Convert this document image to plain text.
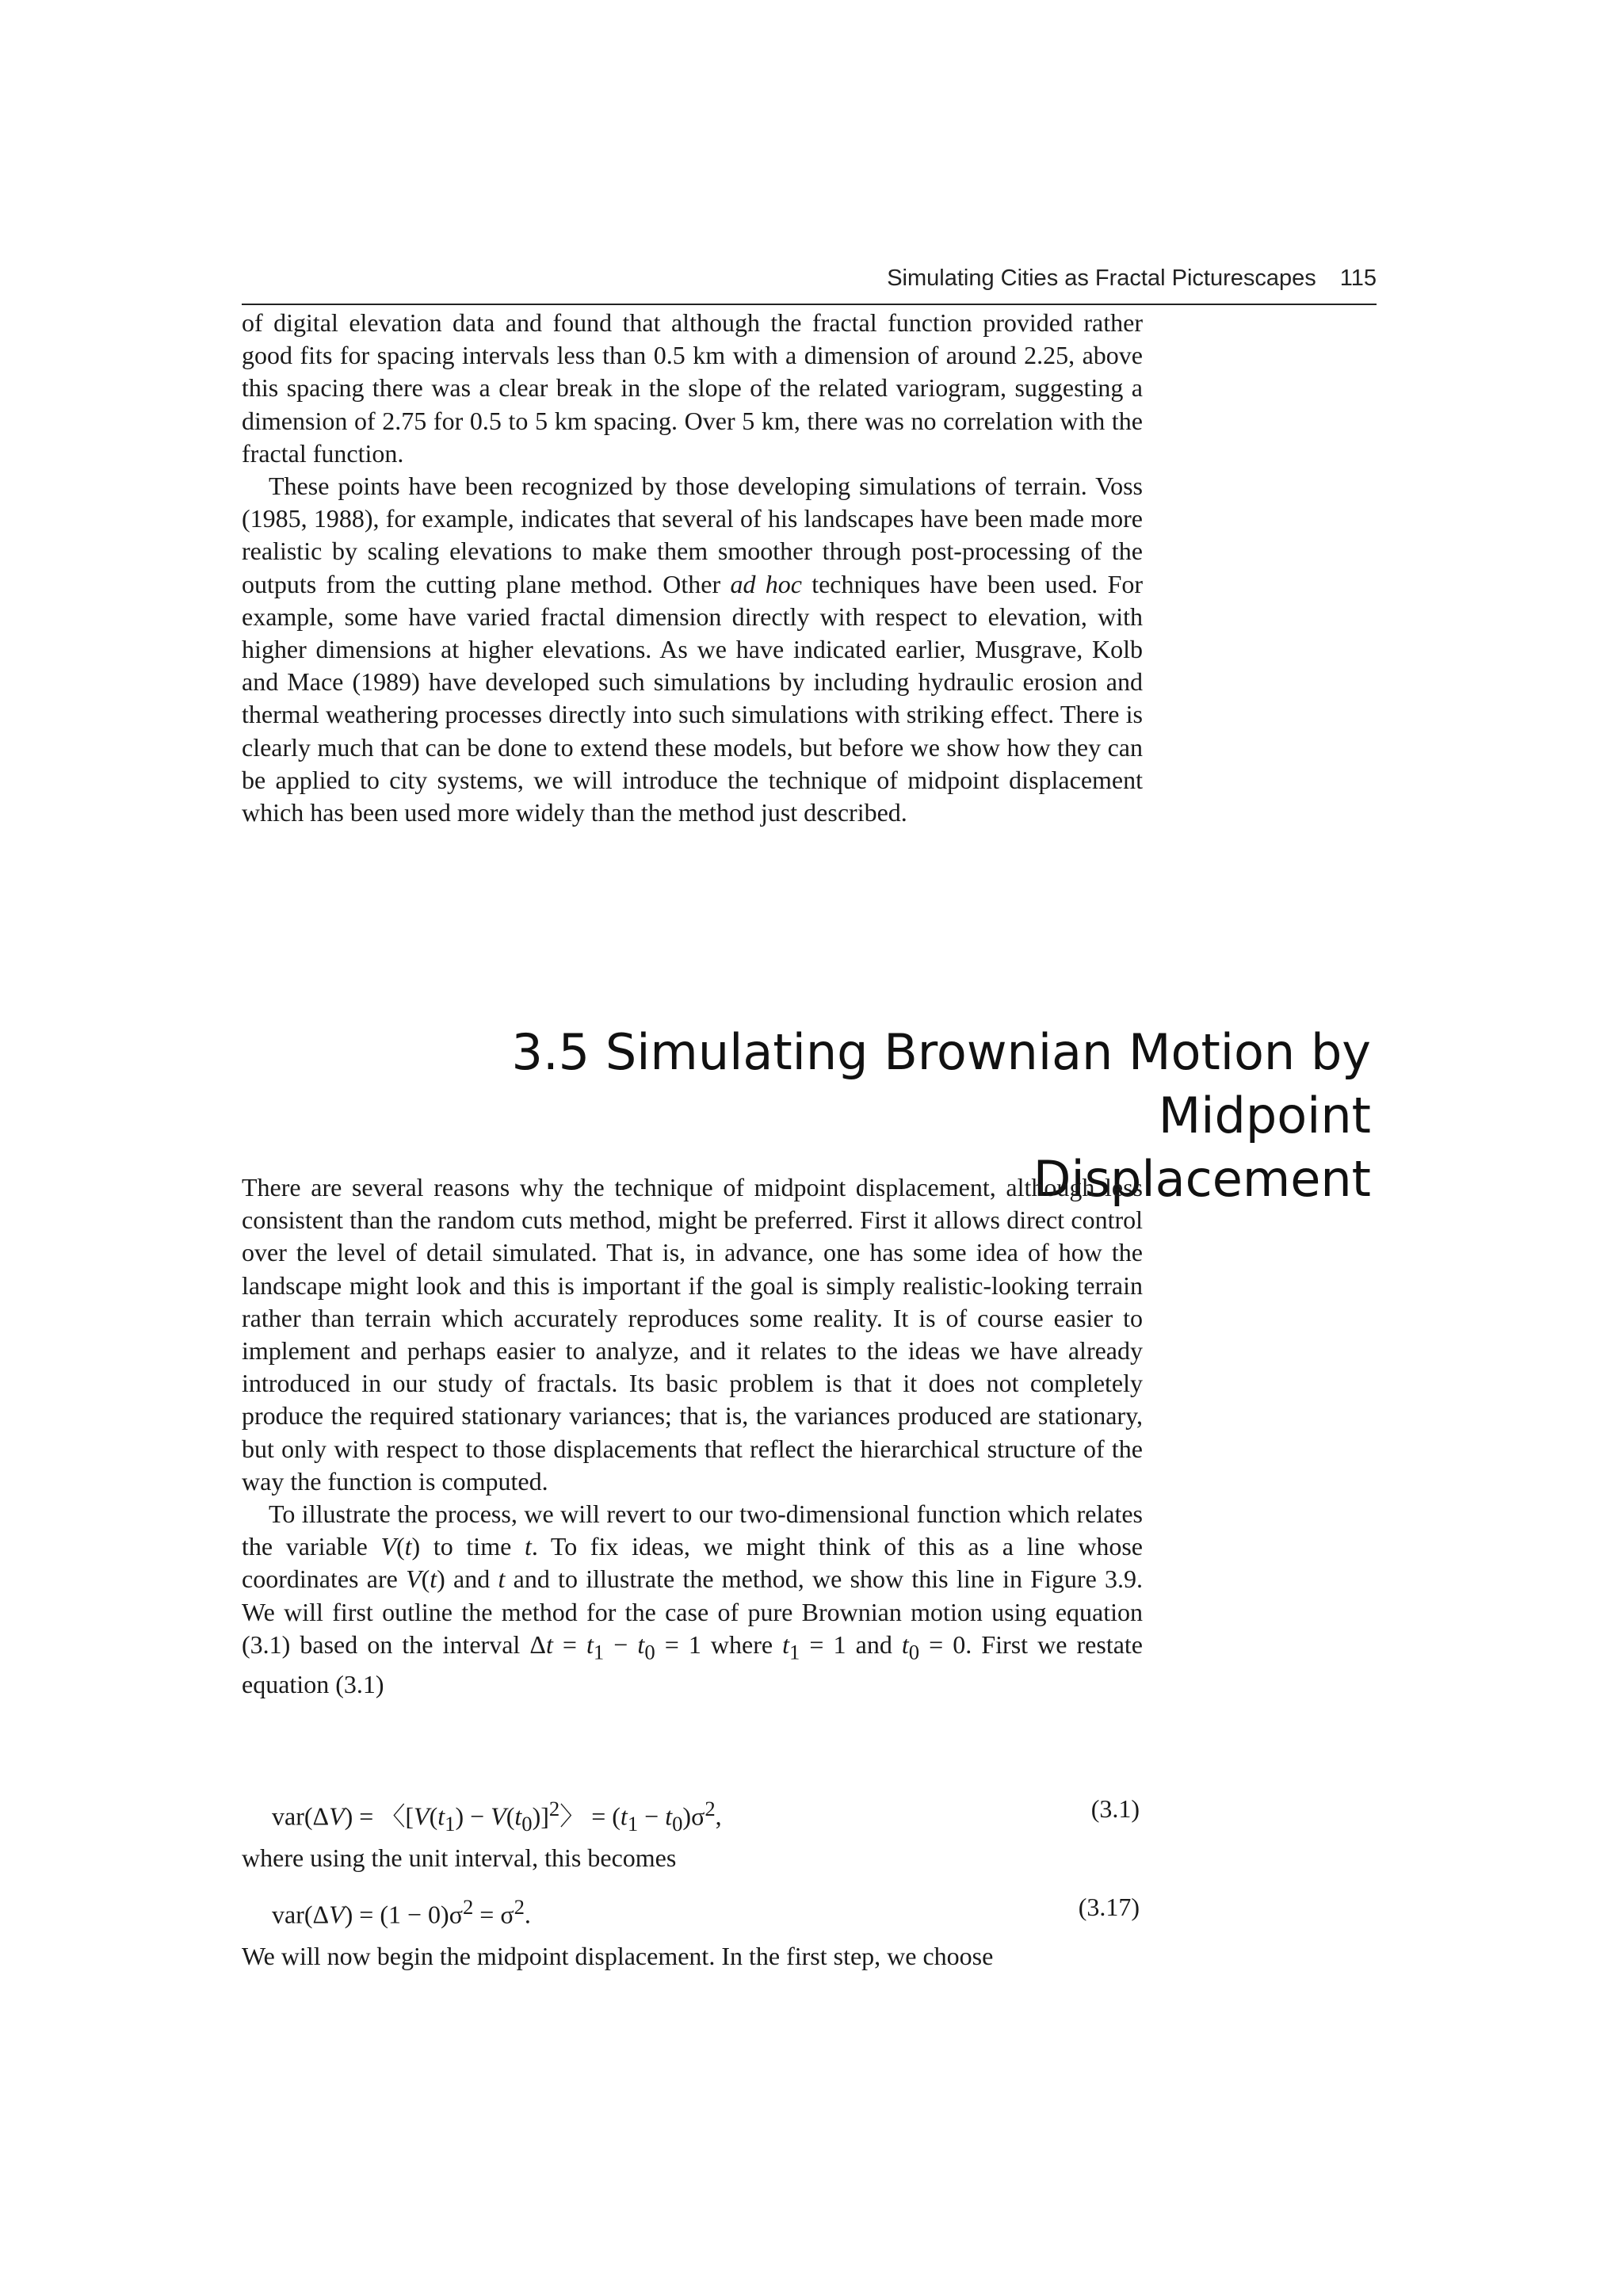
Simulating Cities as Fractal Picturescapes 115

of digital elevation data and found that although the fractal function provided rather good fits for spacing intervals less than 0.5 km with a dimension of around 2.25, above this spacing there was a clear break in the slope of the related variogram, suggesting a dimension of 2.75 for 0.5 to 5 km spacing. Over 5 km, there was no correlation with the fractal function.

These points have been recognized by those developing simulations of terrain. Voss (1985, 1988), for example, indicates that several of his landscapes have been made more realistic by scaling elevations to make them smoother through post-processing of the outputs from the cutting plane method. Other ad hoc techniques have been used. For example, some have varied fractal dimension directly with respect to elevation, with higher dimensions at higher elevations. As we have indicated earlier, Musgrave, Kolb and Mace (1989) have developed such simulations by including hydraulic erosion and thermal weathering processes directly into such simulations with striking effect. There is clearly much that can be done to extend these models, but before we show how they can be applied to city systems, we will introduce the technique of midpoint displacement which has been used more widely than the method just described.

3.5 Simulating Brownian Motion by Midpoint
Displacement

There are several reasons why the technique of midpoint displacement, although less consistent than the random cuts method, might be preferred. First it allows direct control over the level of detail simulated. That is, in advance, one has some idea of how the landscape might look and this is important if the goal is simply realistic-looking terrain rather than terrain which accurately reproduces some reality. It is of course easier to implement and perhaps easier to analyze, and it relates to the ideas we have already introduced in our study of fractals. Its basic problem is that it does not completely produce the required stationary variances; that is, the variances produced are stationary, but only with respect to those displacements that reflect the hierarchical structure of the way the function is computed.

To illustrate the process, we will revert to our two-dimensional function which relates the variable V(t) to time t. To fix ideas, we might think of this as a line whose coordinates are V(t) and t and to illustrate the method, we show this line in Figure 3.9. We will first outline the method for the case of pure Brownian motion using equation (3.1) based on the interval $\Delta t = t_1 - t_0 = 1$ where $t_1 = 1$ and $t_0 = 0$. First we restate equation (3.1)

var(ΔV) = 〈$[V(t_1) - V(t_0)]^2$〉 = $(t_1 - t_0)\sigma^2$,	(3.1)
where using the unit interval, this becomes
$var(\Delta V) = (1 - 0)\sigma^2 = \sigma^2$.	(3.17)
We will now begin the midpoint displacement. In the first step, we choose
